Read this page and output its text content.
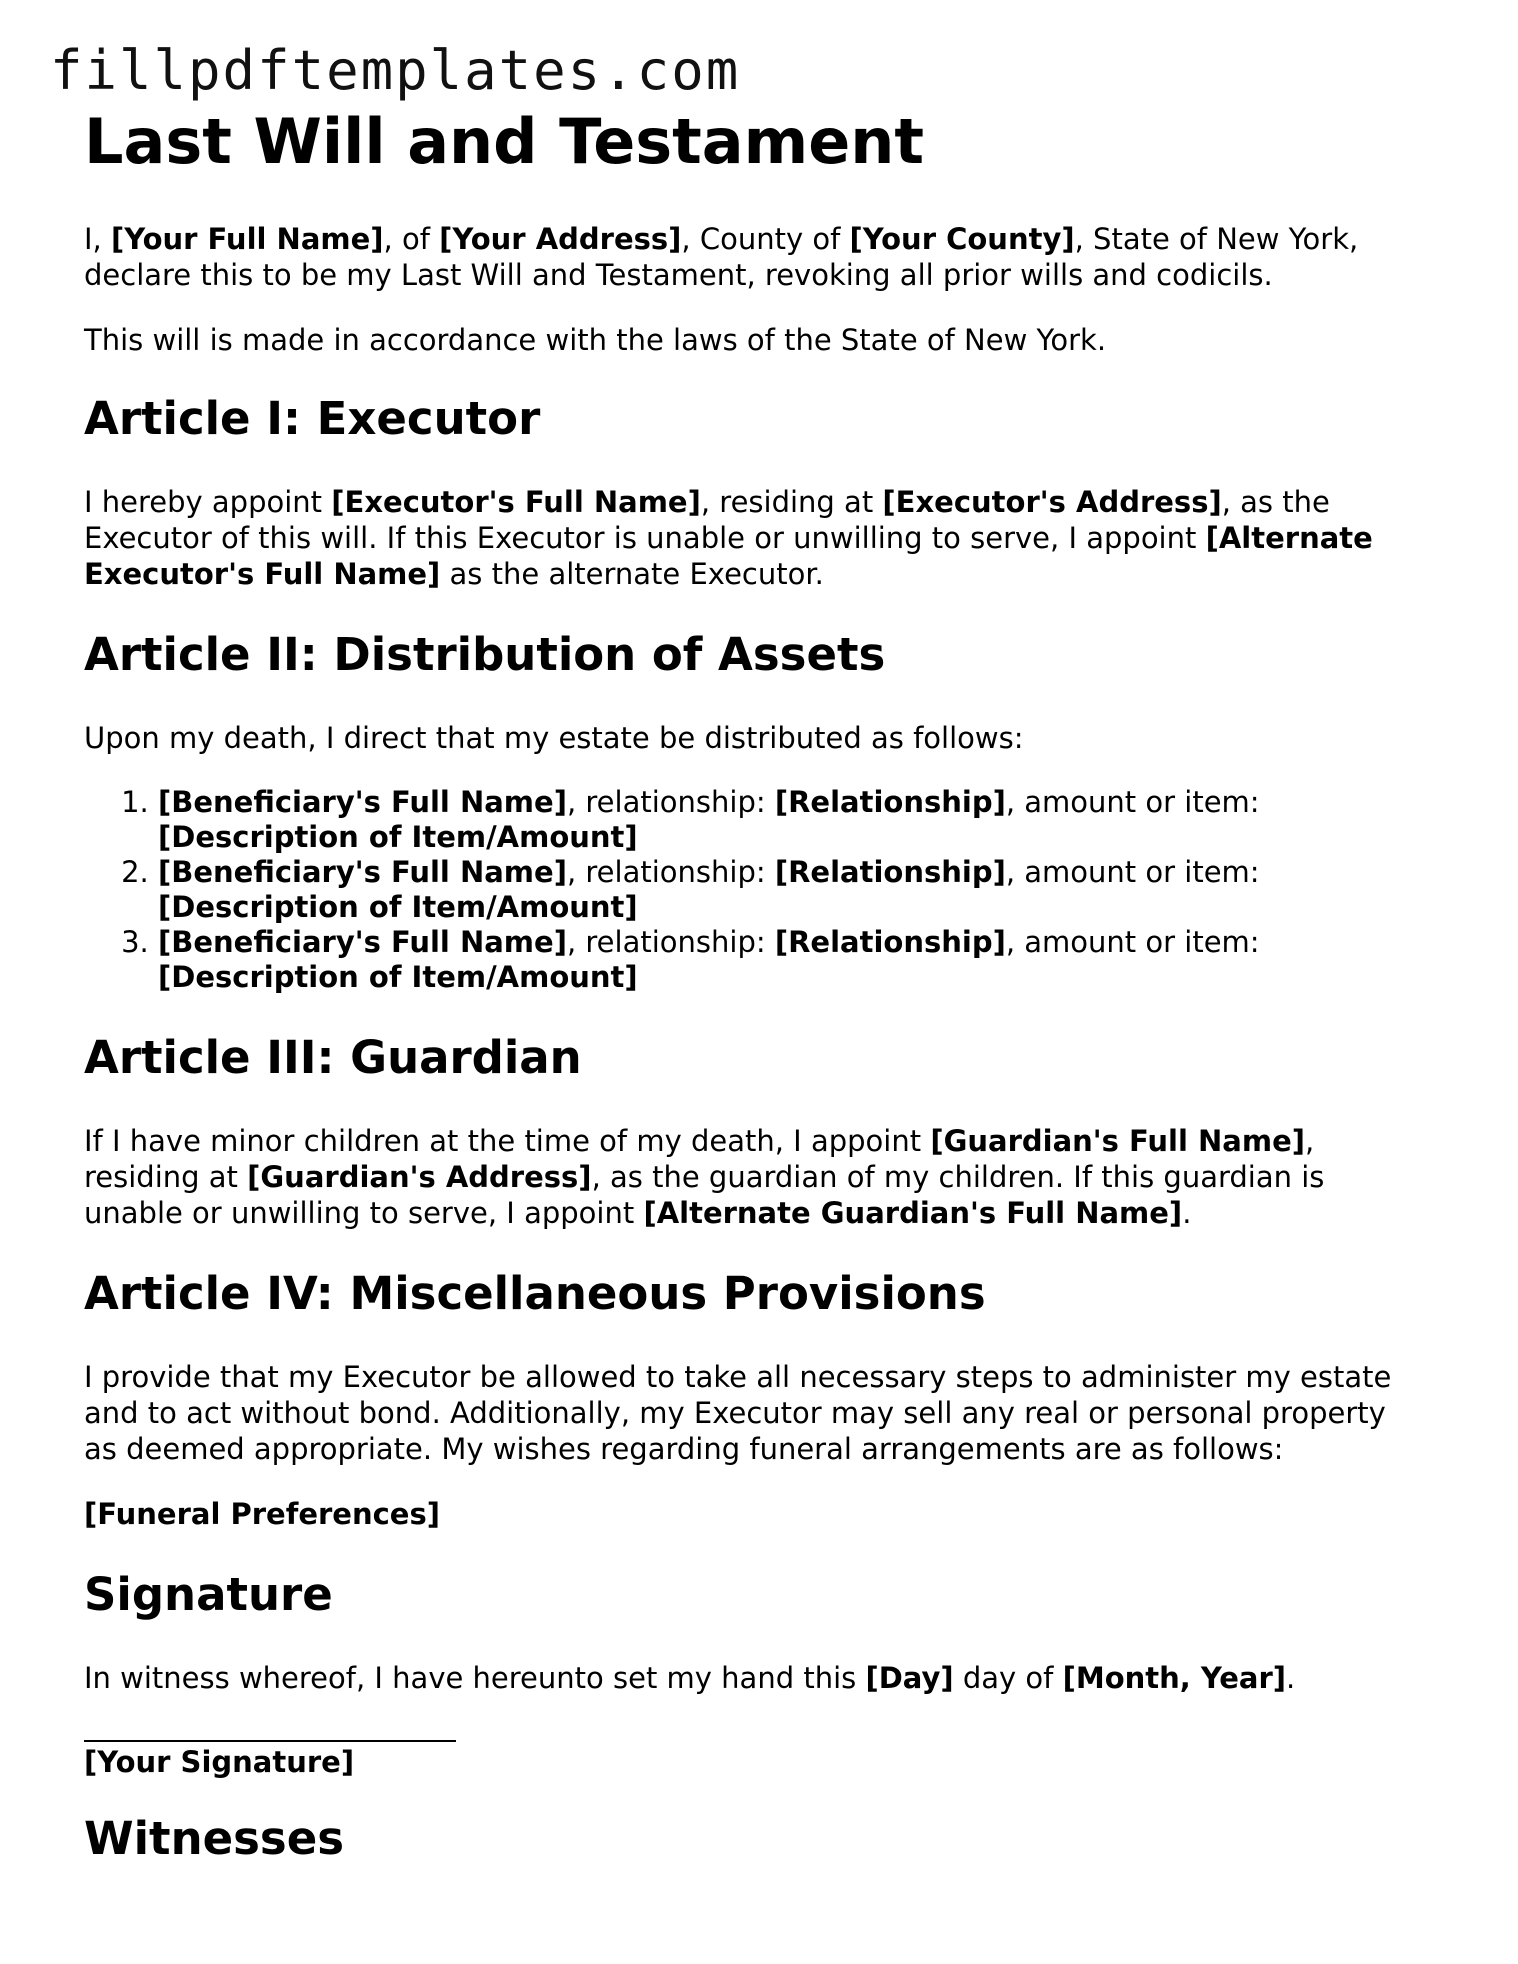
fillpdftemplates.com
Last Will and Testament

I, [Your Full Name], of [Your Address], County of [Your County], State of New York, declare this to be my Last Will and Testament, revoking all prior wills and codicils.

This will is made in accordance with the laws of the State of New York.

Article I: Executor

I hereby appoint [Executor's Full Name], residing at [Executor's Address], as the Executor of this will. If this Executor is unable or unwilling to serve, I appoint [Alternate Executor's Full Name] as the alternate Executor.

Article II: Distribution of Assets

Upon my death, I direct that my estate be distributed as follows:

1. [Beneficiary's Full Name], relationship: [Relationship], amount or item: [Description of Item/Amount]
2. [Beneficiary's Full Name], relationship: [Relationship], amount or item: [Description of Item/Amount]
3. [Beneficiary's Full Name], relationship: [Relationship], amount or item: [Description of Item/Amount]
Article III: Guardian

If I have minor children at the time of my death, I appoint [Guardian's Full Name], residing at [Guardian's Address], as the guardian of my children. If this guardian is unable or unwilling to serve, I appoint [Alternate Guardian's Full Name].

Article IV: Miscellaneous Provisions

I provide that my Executor be allowed to take all necessary steps to administer my estate and to act without bond. Additionally, my Executor may sell any real or personal property as deemed appropriate. My wishes regarding funeral arrangements are as follows:

[Funeral Preferences]

Signature

In witness whereof, I have hereunto set my hand this [Day] day of [Month, Year].

[Your Signature]

Witnesses
